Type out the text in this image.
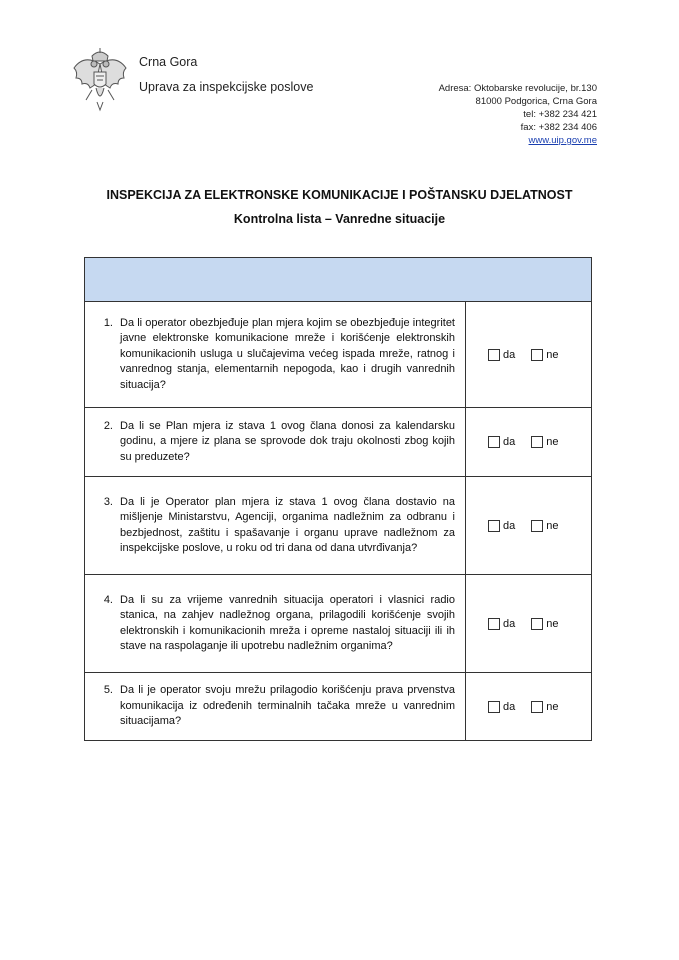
Crna Gora
Uprava za inspekcijske poslove	Adresa: Oktobarske revolucije, br.130
81000 Podgorica, Crna Gora
tel: +382 234 421
fax: +382 234 406
www.uip.gov.me
INSPEKCIJA ZA ELEKTRONSKE KOMUNIKACIJE I POŠTANSKU DJELATNOST
Kontrolna lista – Vanredne situacije

1. Da li operator obezbjeđuje plan mjera kojim se obezbjeđuje integritet javne elektronske komunikacione mreže i korišćenje elektronskih komunikacionih usluga u slučajevima većeg ispada mreže, ratnog i vanrednog stanja, elementarnih nepogoda, kao i drugih vanrednih situacija?	da ne

2. Da li se Plan mjera iz stava 1 ovog člana donosi za kalendarsku godinu, a mjere iz plana se sprovode dok traju okolnosti zbog kojih su preduzete?	da ne

3. Da li je Operator plan mjera iz stava 1 ovog člana dostavio na mišljenje Ministarstvu, Agenciji, organima nadležnim za odbranu i bezbjednost, zaštitu i spašavanje i organu uprave nadležnom za inspekcijske poslove, u roku od tri dana od dana utvrđivanja?	da ne

4. Da li su za vrijeme vanrednih situacija operatori i vlasnici radio stanica, na zahjev nadležnog organa, prilagodili korišćenje svojih elektronskih i komunikacionih mreža i opreme nastaloj situaciji ili ih stave na raspolaganje ili upotrebu nadležnim organima?	da ne

5. Da li je operator svoju mrežu prilagodio korišćenju prava prvenstva komunikacija iz određenih terminalnih tačaka mreže u vanrednim situacijama?	da ne
